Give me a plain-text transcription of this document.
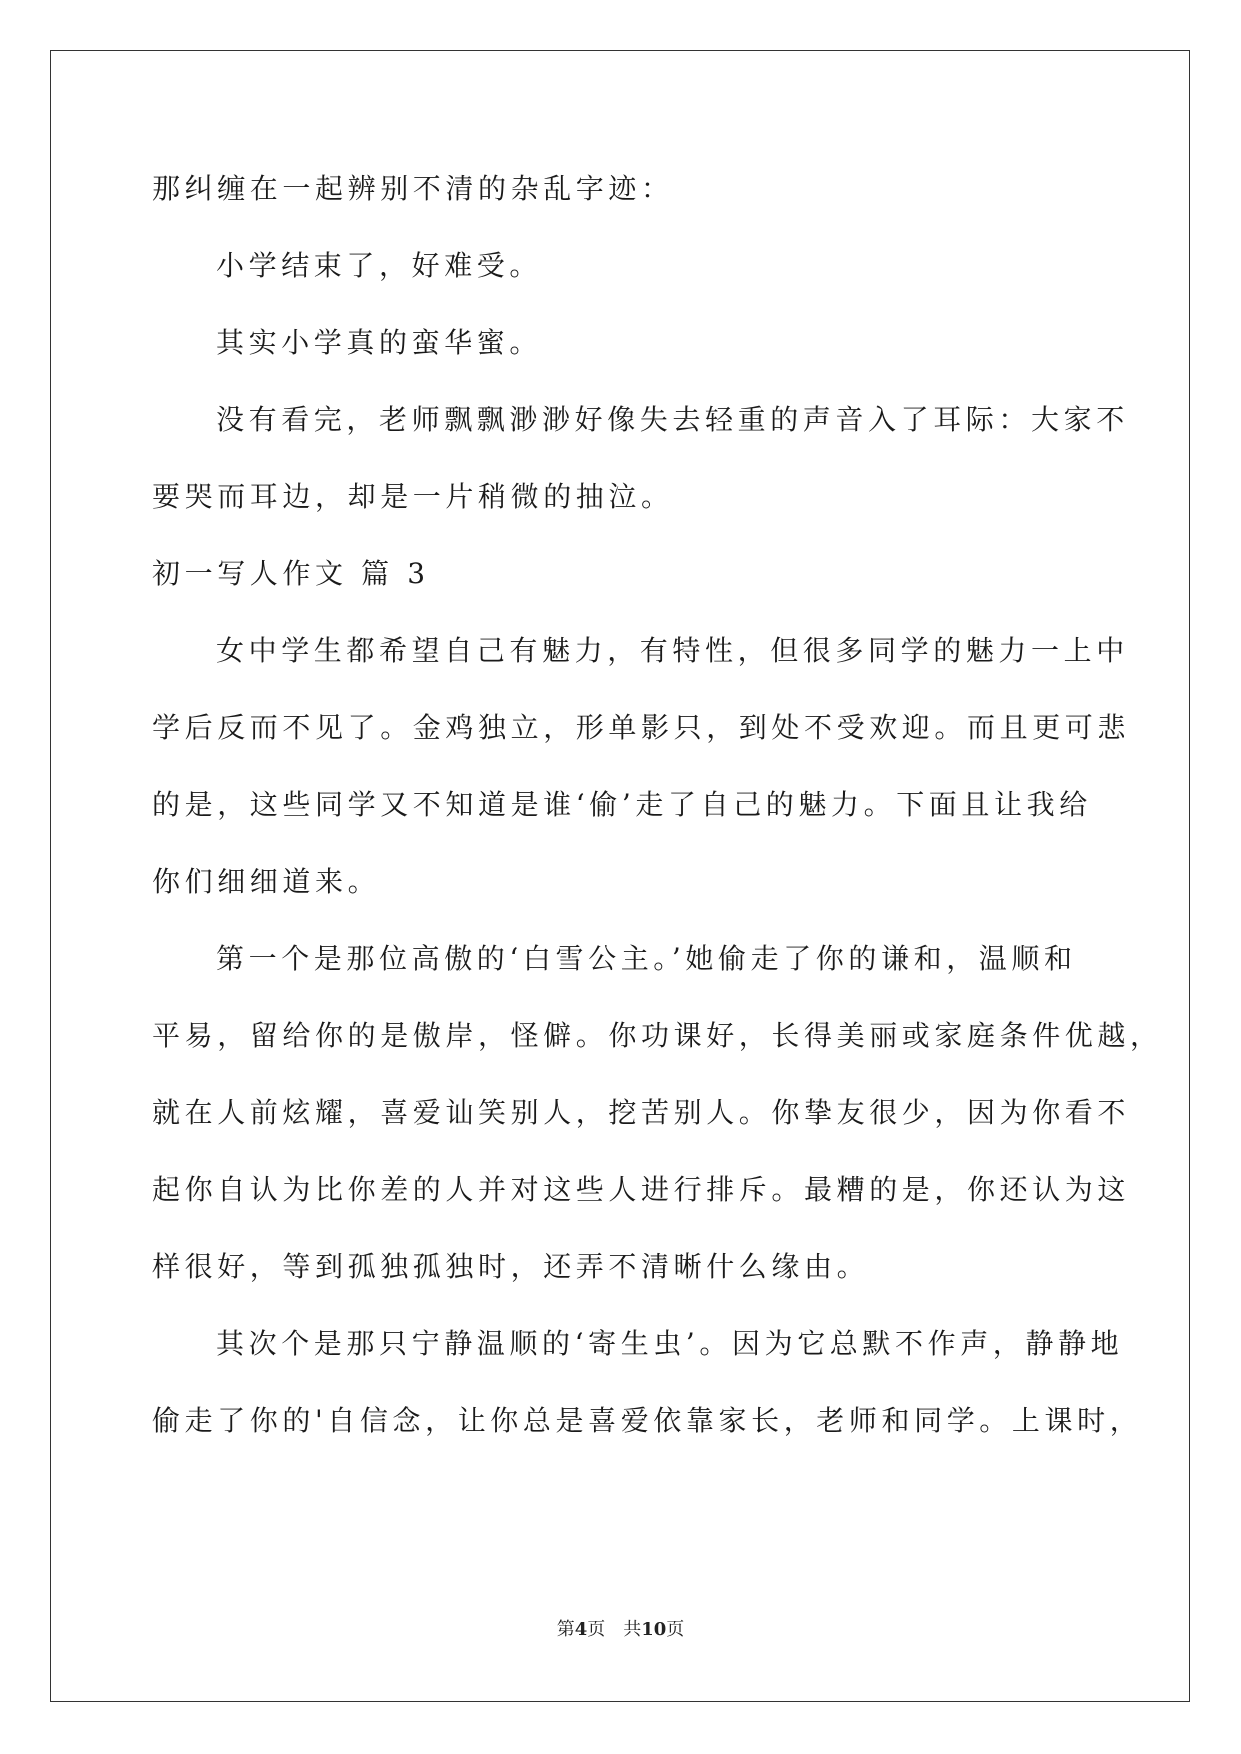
那纠缠在一起辨别不清的杂乱字迹：
小学结束了，好难受。
其实小学真的蛮华蜜。
没有看完，老师飘飘渺渺好像失去轻重的声音入了耳际：大家不
要哭而耳边，却是一片稍微的抽泣。
初一写人作文 篇 3
女中学生都希望自己有魅力，有特性，但很多同学的魅力一上中
学后反而不见了。金鸡独立，形单影只，到处不受欢迎。而且更可悲
的是，这些同学又不知道是谁‘偷’走了自己的魅力。下面且让我给
你们细细道来。
第一个是那位高傲的‘白雪公主。’她偷走了你的谦和，温顺和
平易，留给你的是傲岸，怪僻。你功课好，长得美丽或家庭条件优越，
就在人前炫耀，喜爱讪笑别人，挖苦别人。你挚友很少，因为你看不
起你自认为比你差的人并对这些人进行排斥。最糟的是，你还认为这
样很好，等到孤独孤独时，还弄不清晰什么缘由。
其次个是那只宁静温顺的‘寄生虫’。因为它总默不作声，静静地
偷走了你的'自信念，让你总是喜爱依靠家长，老师和同学。上课时，
第4页 共10页
